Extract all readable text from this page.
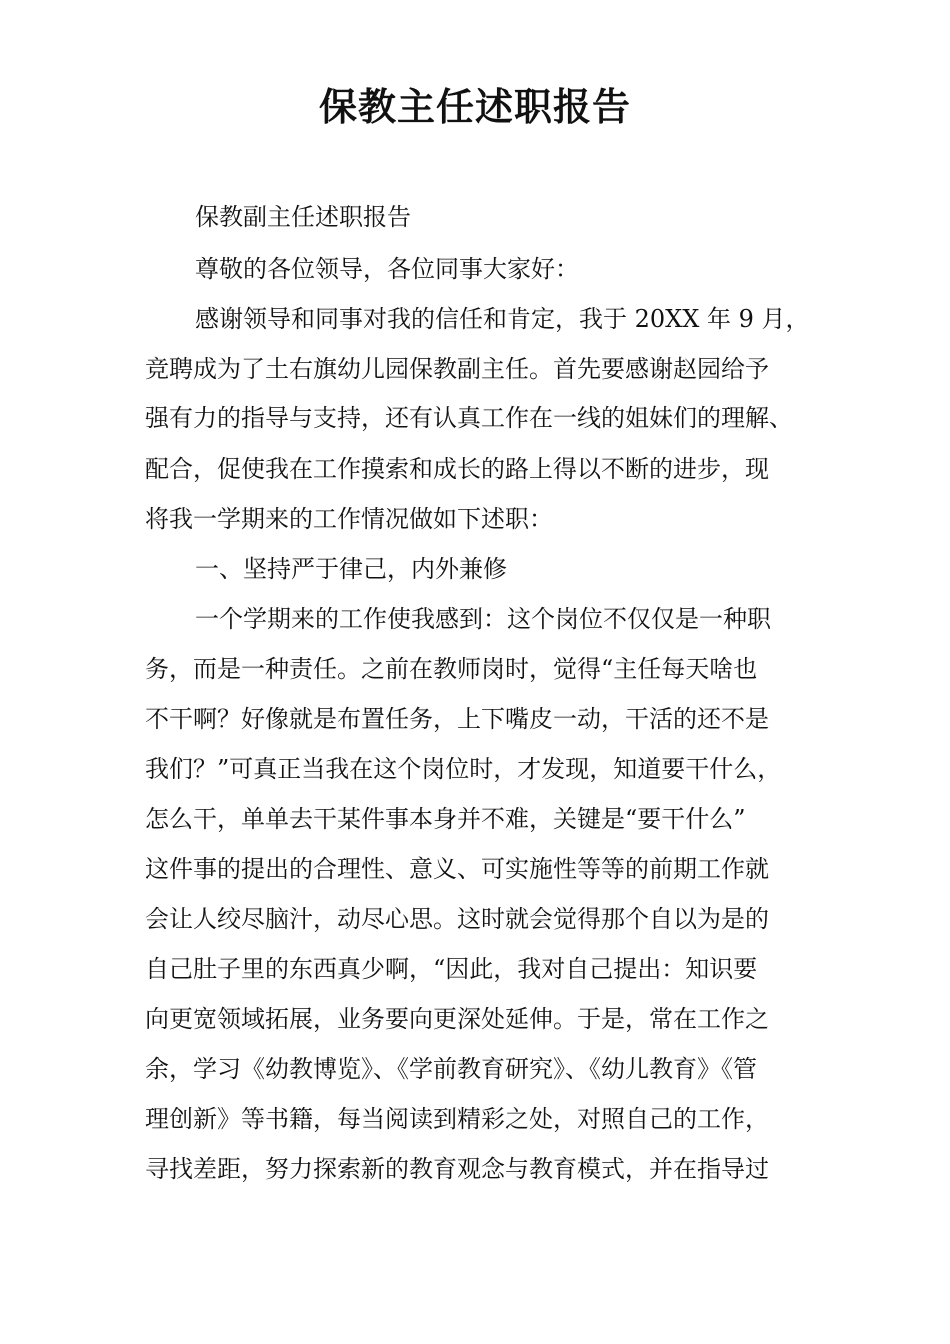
保教主任述职报告

保教副主任述职报告

尊敬的各位领导，各位同事大家好：

感谢领导和同事对我的信任和肯定，我于 20XX 年 9 月，

竞聘成为了土右旗幼儿园保教副主任。首先要感谢赵园给予

强有力的指导与支持，还有认真工作在一线的姐妹们的理解、

配合，促使我在工作摸索和成长的路上得以不断的进步，现

将我一学期来的工作情况做如下述职：

一、坚持严于律己，内外兼修

一个学期来的工作使我感到：这个岗位不仅仅是一种职

务，而是一种责任。之前在教师岗时，觉得“主任每天啥也

不干啊？好像就是布置任务，上下嘴皮一动，干活的还不是

我们？”可真正当我在这个岗位时，才发现，知道要干什么，

怎么干，单单去干某件事本身并不难，关键是“要干什么”

这件事的提出的合理性、意义、可实施性等等的前期工作就

会让人绞尽脑汁，动尽心思。这时就会觉得那个自以为是的

自己肚子里的东西真少啊，“因此，我对自己提出：知识要

向更宽领域拓展，业务要向更深处延伸。于是，常在工作之

余，学习《幼教博览》、《学前教育研究》、《幼儿教育》《管

理创新》等书籍，每当阅读到精彩之处，对照自己的工作，

寻找差距，努力探索新的教育观念与教育模式，并在指导过
